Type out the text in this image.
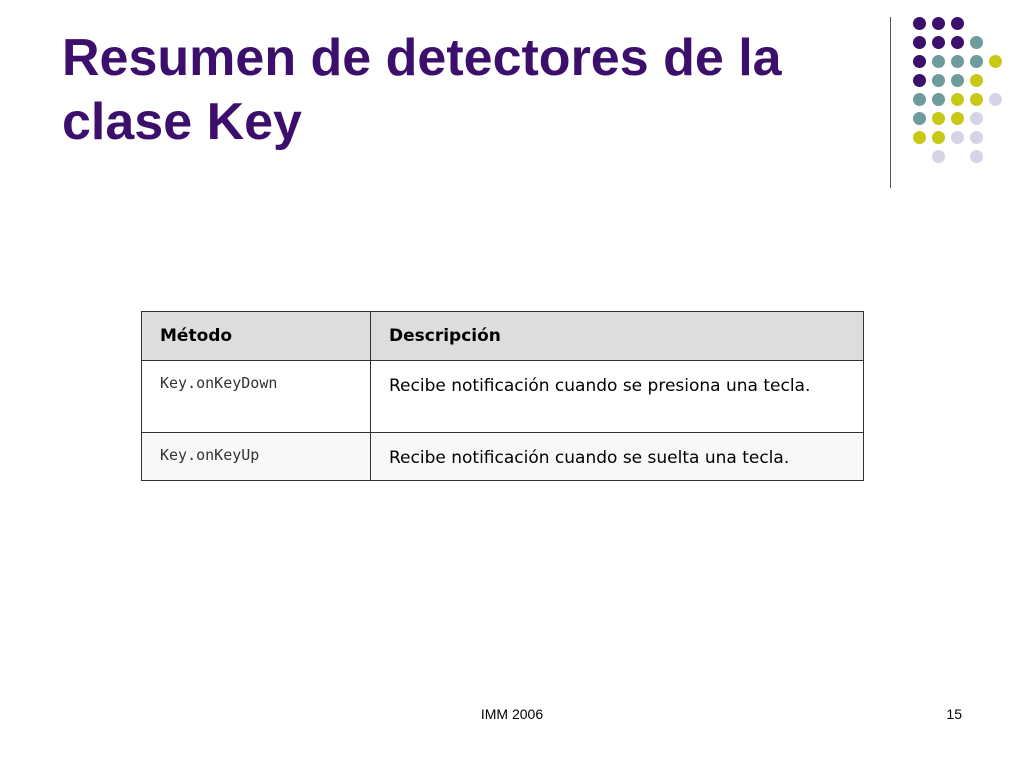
Resumen de detectores de la
clase Key
Método	Descripción
Key.onKeyDown	Recibe notificación cuando se presiona una tecla.
Key.onKeyUp	Recibe notificación cuando se suelta una tecla.
IMM 2006	15
